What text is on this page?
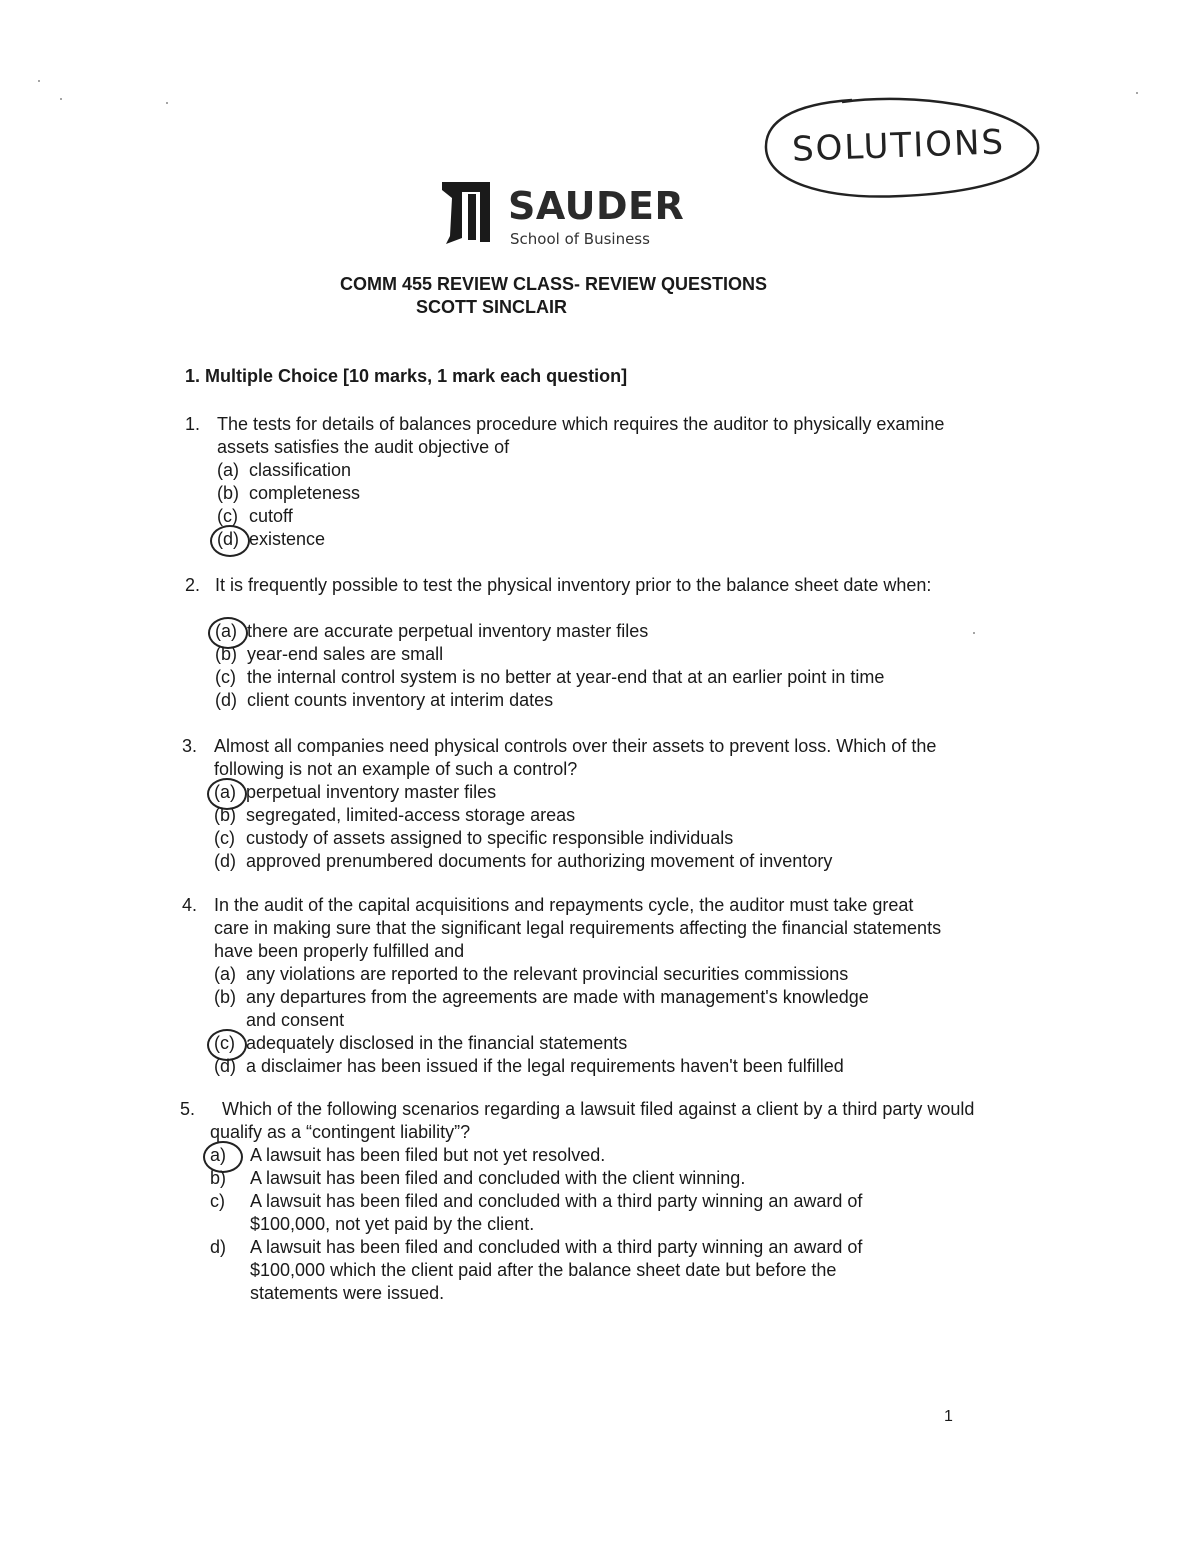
SOLUTIONS
SAUDER
School of Business
COMM 455 REVIEW CLASS- REVIEW QUESTIONS
SCOTT SINCLAIR
1. Multiple Choice [10 marks, 1 mark each question]
1. The tests for details of balances procedure which requires the auditor to physically examine assets satisfies the audit objective of
(a) classification
(b) completeness
(c) cutoff
(d) existence
2. It is frequently possible to test the physical inventory prior to the balance sheet date when:
(a) there are accurate perpetual inventory master files
(b) year-end sales are small
(c) the internal control system is no better at year-end that at an earlier point in time
(d) client counts inventory at interim dates
3. Almost all companies need physical controls over their assets to prevent loss. Which of the following is not an example of such a control?
(a) perpetual inventory master files
(b) segregated, limited-access storage areas
(c) custody of assets assigned to specific responsible individuals
(d) approved prenumbered documents for authorizing movement of inventory
4. In the audit of the capital acquisitions and repayments cycle, the auditor must take great care in making sure that the significant legal requirements affecting the financial statements have been properly fulfilled and
(a) any violations are reported to the relevant provincial securities commissions
(b) any departures from the agreements are made with management's knowledge
and consent
(c) adequately disclosed in the financial statements
(d) a disclaimer has been issued if the legal requirements haven't been fulfilled
5.	Which of the following scenarios regarding a lawsuit filed against a client by a third party would qualify as a “contingent liability”?
a) A lawsuit has been filed but not yet resolved.
b) A lawsuit has been filed and concluded with the client winning.
c) A lawsuit has been filed and concluded with a third party winning an award of
$100,000, not yet paid by the client.
d) A lawsuit has been filed and concluded with a third party winning an award of
$100,000 which the client paid after the balance sheet date but before the statements were issued.
1
